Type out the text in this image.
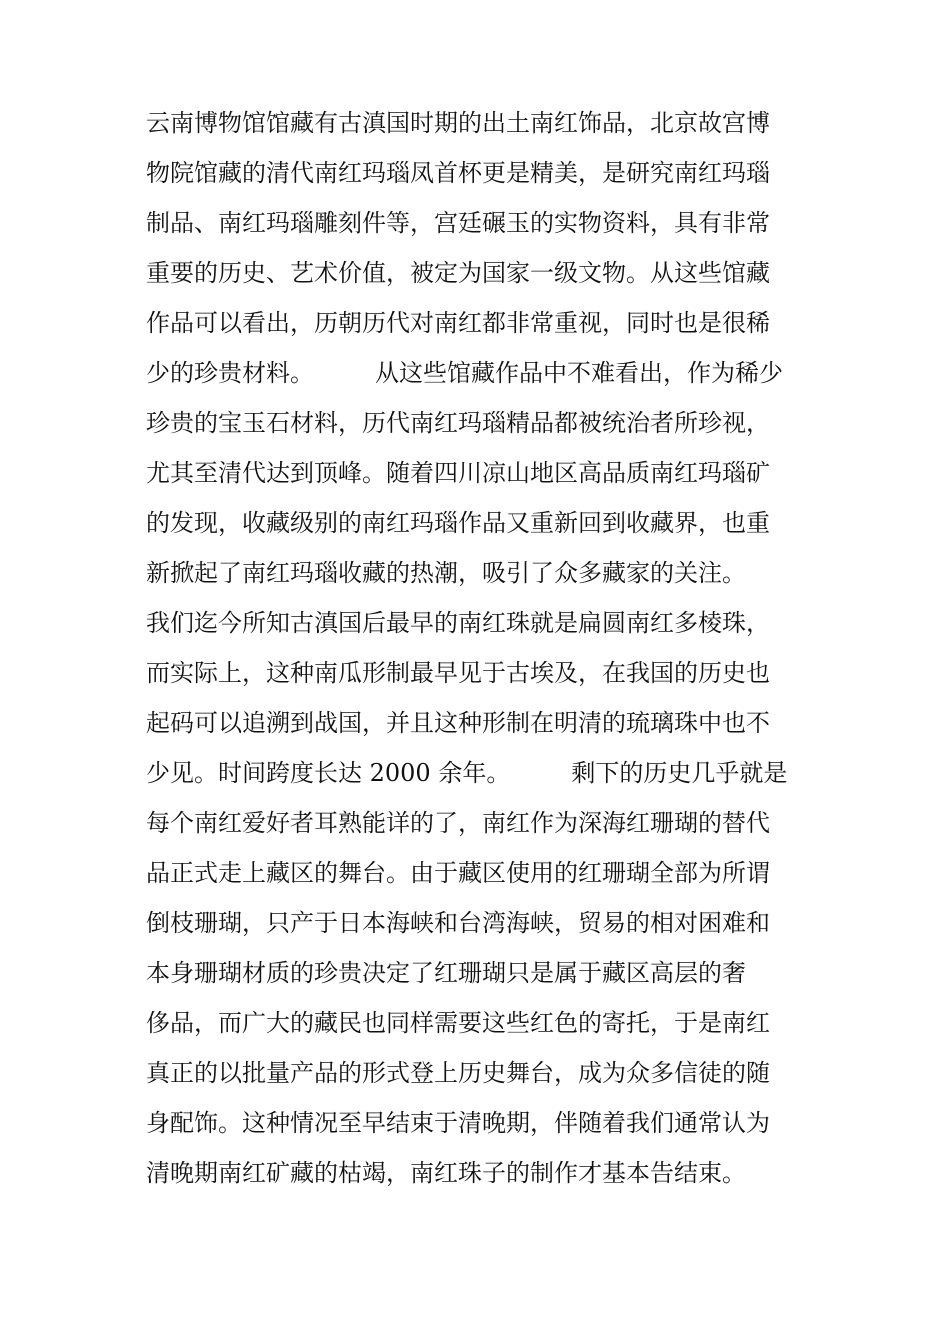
云南博物馆馆藏有古滇国时期的出土南红饰品，北京故宫博
物院馆藏的清代南红玛瑙凤首杯更是精美，是研究南红玛瑙
制品、南红玛瑙雕刻件等，宫廷碾玉的实物资料，具有非常
重要的历史、艺术价值，被定为国家一级文物。从这些馆藏
作品可以看出，历朝历代对南红都非常重视，同时也是很稀
少的珍贵材料。        从这些馆藏作品中不难看出，作为稀少
珍贵的宝玉石材料，历代南红玛瑙精品都被统治者所珍视，
尤其至清代达到顶峰。随着四川凉山地区高品质南红玛瑙矿
的发现，收藏级别的南红玛瑙作品又重新回到收藏界，也重
新掀起了南红玛瑙收藏的热潮，吸引了众多藏家的关注。
我们迄今所知古滇国后最早的南红珠就是扁圆南红多棱珠，
而实际上，这种南瓜形制最早见于古埃及，在我国的历史也
起码可以追溯到战国，并且这种形制在明清的琉璃珠中也不
少见。时间跨度长达 2000 余年。        剩下的历史几乎就是
每个南红爱好者耳熟能详的了，南红作为深海红珊瑚的替代
品正式走上藏区的舞台。由于藏区使用的红珊瑚全部为所谓
倒枝珊瑚，只产于日本海峡和台湾海峡，贸易的相对困难和
本身珊瑚材质的珍贵决定了红珊瑚只是属于藏区高层的奢
侈品，而广大的藏民也同样需要这些红色的寄托，于是南红
真正的以批量产品的形式登上历史舞台，成为众多信徒的随
身配饰。这种情况至早结束于清晚期，伴随着我们通常认为
清晚期南红矿藏的枯竭，南红珠子的制作才基本告结束。
